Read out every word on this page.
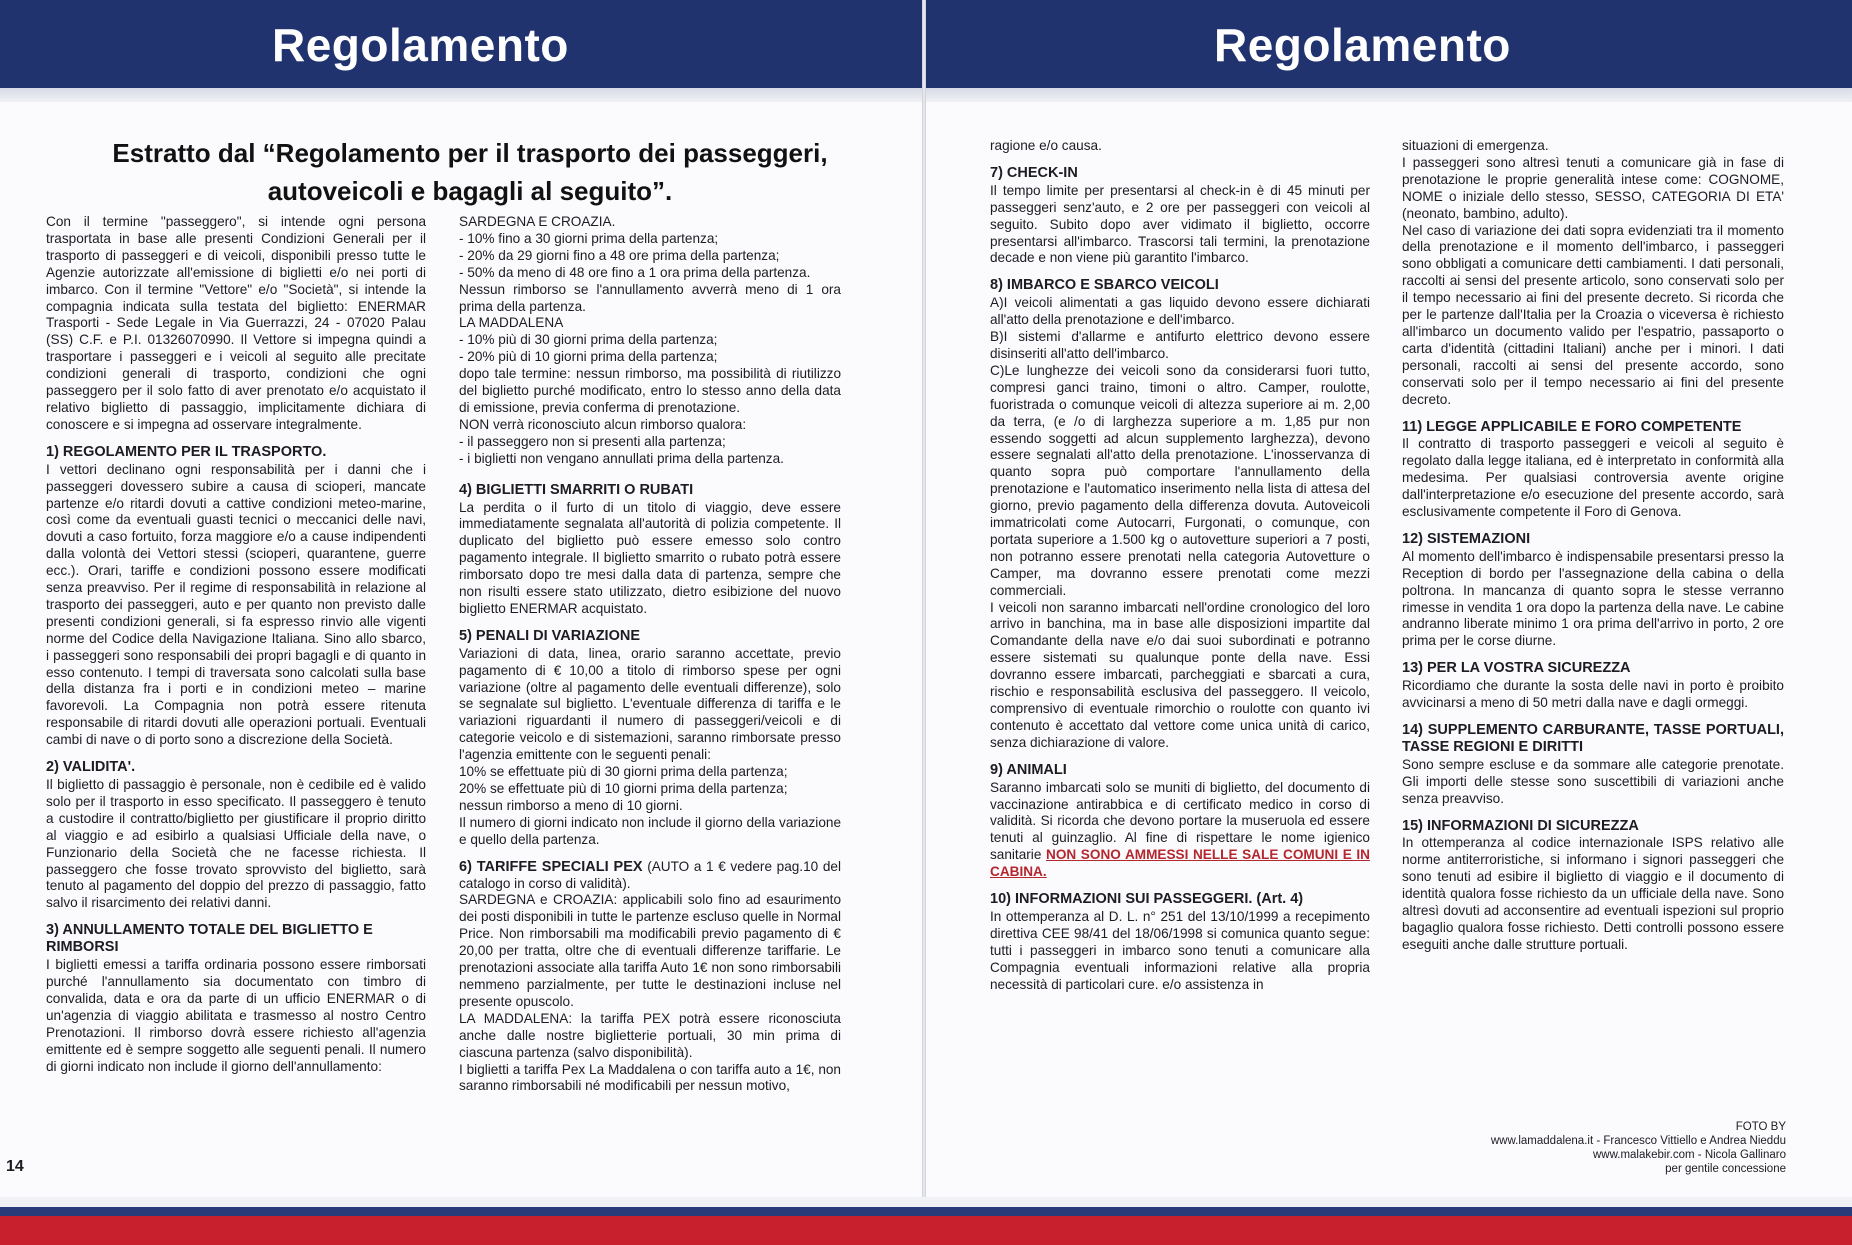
Regolamento	Regolamento
Estratto dal “Regolamento per il trasporto dei passeggeri, autoveicoli e bagagli al seguito”.

Con il termine "passeggero", si intende ogni persona trasportata in base alle presenti Condizioni Generali per il trasporto di passeggeri e di veicoli, disponibili presso tutte le Agenzie autorizzate all'emissione di biglietti e/o nei porti di imbarco. Con il termine "Vettore" e/o "Società", si intende la compagnia indicata sulla testata del biglietto: ENERMAR Trasporti - Sede Legale in Via Guerrazzi, 24 - 07020 Palau (SS) C.F. e P.I. 01326070990. Il Vettore si impegna quindi a trasportare i passeggeri e i veicoli al seguito alle precitate condizioni generali di trasporto, condizioni che ogni passeggero per il solo fatto di aver prenotato e/o acquistato il relativo biglietto di passaggio, implicitamente dichiara di conoscere e si impegna ad osservare integralmente.

1) REGOLAMENTO PER IL TRASPORTO.

I vettori declinano ogni responsabilità per i danni che i passeggeri dovessero subire a causa di scioperi, mancate partenze e/o ritardi dovuti a cattive condizioni meteo-marine, così come da eventuali guasti tecnici o meccanici delle navi, dovuti a caso fortuito, forza maggiore e/o a cause indipendenti dalla volontà dei Vettori stessi (scioperi, quarantene, guerre ecc.). Orari, tariffe e condizioni possono essere modificati senza preavviso. Per il regime di responsabilità in relazione al trasporto dei passeggeri, auto e per quanto non previsto dalle presenti condizioni generali, si fa espresso rinvio alle vigenti norme del Codice della Navigazione Italiana. Sino allo sbarco, i passeggeri sono responsabili dei propri bagagli e di quanto in esso contenuto. I tempi di traversata sono calcolati sulla base della distanza fra i porti e in condizioni meteo – marine favorevoli. La Compagnia non potrà essere ritenuta responsabile di ritardi dovuti alle operazioni portuali. Eventuali cambi di nave o di porto sono a discrezione della Società.

2) VALIDITA'.

Il biglietto di passaggio è personale, non è cedibile ed è valido solo per il trasporto in esso specificato. Il passeggero è tenuto a custodire il contratto/biglietto per giustificare il proprio diritto al viaggio e ad esibirlo a qualsiasi Ufficiale della nave, o Funzionario della Società che ne facesse richiesta. Il passeggero che fosse trovato sprovvisto del biglietto, sarà tenuto al pagamento del doppio del prezzo di passaggio, fatto salvo il risarcimento dei relativi danni.

3) ANNULLAMENTO TOTALE DEL BIGLIETTO E RIMBORSI

I biglietti emessi a tariffa ordinaria possono essere rimborsati purché l'annullamento sia documentato con timbro di convalida, data e ora da parte di un ufficio ENERMAR o di un'agenzia di viaggio abilitata e trasmesso al nostro Centro Prenotazioni. Il rimborso dovrà essere richiesto all'agenzia emittente ed è sempre soggetto alle seguenti penali. Il numero di giorni indicato non include il giorno dell'annullamento:

SARDEGNA E CROAZIA.
- 10% fino a 30 giorni prima della partenza;
- 20% da 29 giorni fino a 48 ore prima della partenza;
- 50% da meno di 48 ore fino a 1 ora prima della partenza.

Nessun rimborso se l'annullamento avverrà meno di 1 ora prima della partenza.

LA MADDALENA
- 10% più di 30 giorni prima della partenza;
- 20% più di 10 giorni prima della partenza;

dopo tale termine: nessun rimborso, ma possibilità di riutilizzo del biglietto purché modificato, entro lo stesso anno della data di emissione, previa conferma di prenotazione.

NON verrà riconosciuto alcun rimborso qualora:
- il passeggero non si presenti alla partenza;
- i biglietti non vengano annullati prima della partenza.
4) BIGLIETTI SMARRITI O RUBATI

La perdita o il furto di un titolo di viaggio, deve essere immediatamente segnalata all'autorità di polizia competente. Il duplicato del biglietto può essere emesso solo contro pagamento integrale. Il biglietto smarrito o rubato potrà essere rimborsato dopo tre mesi dalla data di partenza, sempre che non risulti essere stato utilizzato, dietro esibizione del nuovo biglietto ENERMAR acquistato.

5) PENALI DI VARIAZIONE

Variazioni di data, linea, orario saranno accettate, previo pagamento di € 10,00 a titolo di rimborso spese per ogni variazione (oltre al pagamento delle eventuali differenze), solo se segnalate sul biglietto. L'eventuale differenza di tariffa e le variazioni riguardanti il numero di passeggeri/veicoli e di categorie veicolo e di sistemazioni, saranno rimborsate presso l'agenzia emittente con le seguenti penali:

10% se effettuate più di 30 giorni prima della partenza;
20% se effettuate più di 10 giorni prima della partenza;
nessun rimborso a meno di 10 giorni.

Il numero di giorni indicato non include il giorno della variazione e quello della partenza.

6) TARIFFE SPECIALI PEX (AUTO a 1 € vedere pag.10 del catalogo in corso di validità).

SARDEGNA e CROAZIA: applicabili solo fino ad esaurimento dei posti disponibili in tutte le partenze escluso quelle in Normal Price. Non rimborsabili ma modificabili previo pagamento di € 20,00 per tratta, oltre che di eventuali differenze tariffarie. Le prenotazioni associate alla tariffa Auto 1€ non sono rimborsabili nemmeno parzialmente, per tutte le destinazioni incluse nel presente opuscolo.

LA MADDALENA: la tariffa PEX potrà essere riconosciuta anche dalle nostre biglietterie portuali, 30 min prima di ciascuna partenza (salvo disponibilità).

I biglietti a tariffa Pex La Maddalena o con tariffa auto a 1€, non saranno rimborsabili né modificabili per nessun motivo,

ragione e/o causa.

7) CHECK-IN

Il tempo limite per presentarsi al check-in è di 45 minuti per passeggeri senz'auto, e 2 ore per passeggeri con veicoli al seguito. Subito dopo aver vidimato il biglietto, occorre presentarsi all'imbarco. Trascorsi tali termini, la prenotazione decade e non viene più garantito l'imbarco.

8) IMBARCO E SBARCO VEICOLI

A)I veicoli alimentati a gas liquido devono essere dichiarati all'atto della prenotazione e dell'imbarco.

B)I sistemi d'allarme e antifurto elettrico devono essere disinseriti all'atto dell'imbarco.

C)Le lunghezze dei veicoli sono da considerarsi fuori tutto, compresi ganci traino, timoni o altro. Camper, roulotte, fuoristrada o comunque veicoli di altezza superiore ai m. 2,00 da terra, (e /o di larghezza superiore a m. 1,85 pur non essendo soggetti ad alcun supplemento larghezza), devono essere segnalati all'atto della prenotazione. L'inosservanza di quanto sopra può comportare l'annullamento della prenotazione e l'automatico inserimento nella lista di attesa del giorno, previo pagamento della differenza dovuta. Autoveicoli immatricolati come Autocarri, Furgonati, o comunque, con portata superiore a 1.500 kg o autovetture superiori a 7 posti, non potranno essere prenotati nella categoria Autovetture o Camper, ma dovranno essere prenotati come mezzi commerciali.

I veicoli non saranno imbarcati nell'ordine cronologico del loro arrivo in banchina, ma in base alle disposizioni impartite dal Comandante della nave e/o dai suoi subordinati e potranno essere sistemati su qualunque ponte della nave. Essi dovranno essere imbarcati, parcheggiati e sbarcati a cura, rischio e responsabilità esclusiva del passeggero. Il veicolo, comprensivo di eventuale rimorchio o roulotte con quanto ivi contenuto è accettato dal vettore come unica unità di carico, senza dichiarazione di valore.

9) ANIMALI

Saranno imbarcati solo se muniti di biglietto, del documento di vaccinazione antirabbica e di certificato medico in corso di validità. Si ricorda che devono portare la museruola ed essere tenuti al guinzaglio. Al fine di rispettare le nome igienico sanitarie NON SONO AMMESSI NELLE SALE COMUNI E IN CABINA.

10) INFORMAZIONI SUI PASSEGGERI. (Art. 4)

In ottemperanza al D. L. n° 251 del 13/10/1999 a recepimento direttiva CEE 98/41 del 18/06/1998 si comunica quanto segue: tutti i passeggeri in imbarco sono tenuti a comunicare alla Compagnia eventuali informazioni relative alla propria necessità di particolari cure. e/o assistenza in

situazioni di emergenza.

I passeggeri sono altresì tenuti a comunicare già in fase di prenotazione le proprie generalità intese come: COGNOME, NOME o iniziale dello stesso, SESSO, CATEGORIA DI ETA' (neonato, bambino, adulto).

Nel caso di variazione dei dati sopra evidenziati tra il momento della prenotazione e il momento dell'imbarco, i passeggeri sono obbligati a comunicare detti cambiamenti. I dati personali, raccolti ai sensi del presente articolo, sono conservati solo per il tempo necessario ai fini del presente decreto. Si ricorda che per le partenze dall'Italia per la Croazia o viceversa è richiesto all'imbarco un documento valido per l'espatrio, passaporto o carta d'identità (cittadini Italiani) anche per i minori. I dati personali, raccolti ai sensi del presente accordo, sono conservati solo per il tempo necessario ai fini del presente decreto.

11) LEGGE APPLICABILE E FORO COMPETENTE

Il contratto di trasporto passeggeri e veicoli al seguito è regolato dalla legge italiana, ed è interpretato in conformità alla medesima. Per qualsiasi controversia avente origine dall'interpretazione e/o esecuzione del presente accordo, sarà esclusivamente competente il Foro di Genova.

12) SISTEMAZIONI

Al momento dell'imbarco è indispensabile presentarsi presso la Reception di bordo per l'assegnazione della cabina o della poltrona. In mancanza di quanto sopra le stesse verranno rimesse in vendita 1 ora dopo la partenza della nave. Le cabine andranno liberate minimo 1 ora prima dell'arrivo in porto, 2 ore prima per le corse diurne.

13) PER LA VOSTRA SICUREZZA

Ricordiamo che durante la sosta delle navi in porto è proibito avvicinarsi a meno di 50 metri dalla nave e dagli ormeggi.

14) SUPPLEMENTO CARBURANTE, TASSE PORTUALI, TASSE REGIONI E DIRITTI

Sono sempre escluse e da sommare alle categorie prenotate. Gli importi delle stesse sono suscettibili di variazioni anche senza preavviso.

15) INFORMAZIONI DI SICUREZZA

In ottemperanza al codice internazionale ISPS relativo alle norme antiterroristiche, si informano i signori passeggeri che sono tenuti ad esibire il biglietto di viaggio e il documento di identità qualora fosse richiesto da un ufficiale della nave. Sono altresì dovuti ad acconsentire ad eventuali ispezioni sul proprio bagaglio qualora fosse richiesto. Detti controlli possono essere eseguiti anche dalle strutture portuali.

14
FOTO BY
www.lamaddalena.it - Francesco Vittiello e Andrea Nieddu
www.malakebir.com - Nicola Gallinaro
per gentile concessione
